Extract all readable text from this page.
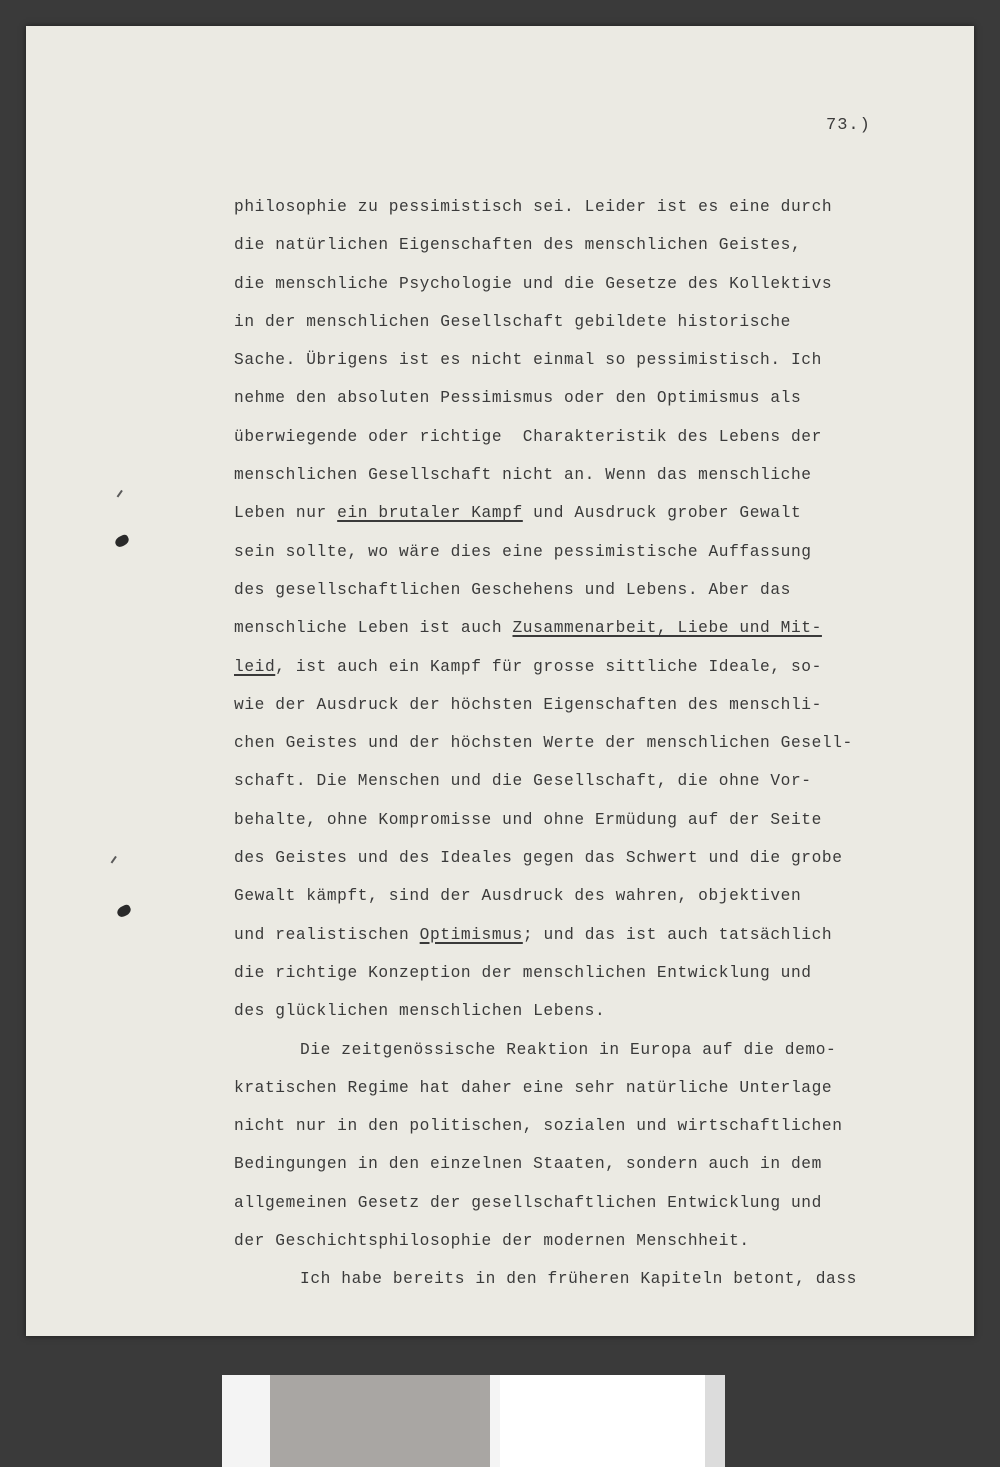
73.)
philosophie zu pessimistisch sei. Leider ist es eine durch
die natürlichen Eigenschaften des menschlichen Geistes,
die menschliche Psychologie und die Gesetze des Kollektivs
in der menschlichen Gesellschaft gebildete historische
Sache. Übrigens ist es nicht einmal so pessimistisch. Ich
nehme den absoluten Pessimismus oder den Optimismus als
überwiegende oder richtige  Charakteristik des Lebens der
menschlichen Gesellschaft nicht an. Wenn das menschliche
Leben nur ein brutaler Kampf und Ausdruck grober Gewalt
sein sollte, wo wäre dies eine pessimistische Auffassung
des gesellschaftlichen Geschehens und Lebens. Aber das
menschliche Leben ist auch Zusammenarbeit, Liebe und Mit-
leid, ist auch ein Kampf für grosse sittliche Ideale, so-
wie der Ausdruck der höchsten Eigenschaften des menschli-
chen Geistes und der höchsten Werte der menschlichen Gesell-
schaft. Die Menschen und die Gesellschaft, die ohne Vor-
behalte, ohne Kompromisse und ohne Ermüdung auf der Seite
des Geistes und des Ideales gegen das Schwert und die grobe
Gewalt kämpft, sind der Ausdruck des wahren, objektiven
und realistischen Optimismus; und das ist auch tatsächlich
die richtige Konzeption der menschlichen Entwicklung und
des glücklichen menschlichen Lebens.
Die zeitgenössische Reaktion in Europa auf die demo-
kratischen Regime hat daher eine sehr natürliche Unterlage
nicht nur in den politischen, sozialen und wirtschaftlichen
Bedingungen in den einzelnen Staaten, sondern auch in dem
allgemeinen Gesetz der gesellschaftlichen Entwicklung und
der Geschichtsphilosophie der modernen Menschheit.
Ich habe bereits in den früheren Kapiteln betont, dass
